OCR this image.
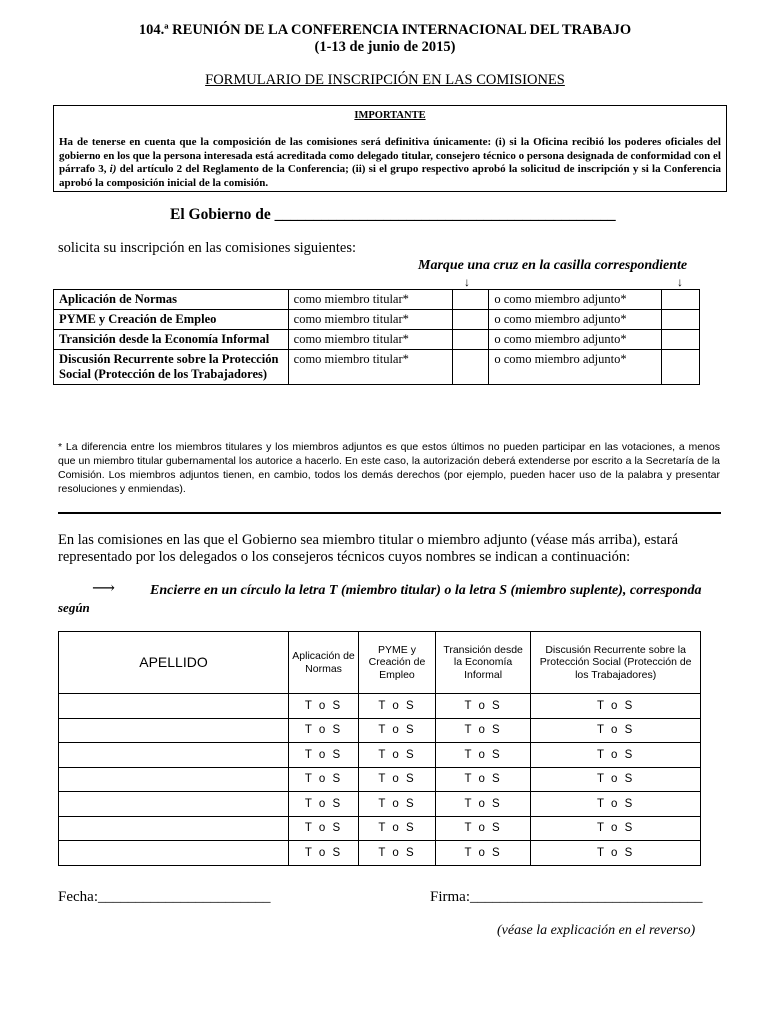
104.ª REUNIÓN DE LA CONFERENCIA INTERNACIONAL DEL TRABAJO
(1-13 de junio de 2015)
FORMULARIO DE INSCRIPCIÓN EN LAS COMISIONES
IMPORTANTE
Ha de tenerse en cuenta que la composición de las comisiones será definitiva únicamente: (i) si la Oficina recibió los poderes oficiales del gobierno en los que la persona interesada está acreditada como delegado titular, consejero técnico o persona designada de conformidad con el párrafo 3, i) del artículo 2 del Reglamento de la Conferencia; (ii) si el grupo respectivo aprobó la solicitud de inscripción y si la Conferencia aprobó la composición inicial de la comisión.
El Gobierno de ____________________________________________
solicita su inscripción en las comisiones siguientes:
Marque una cruz en la casilla correspondiente
↓	↓
Aplicación de Normas	como miembro titular*		o como miembro adjunto*	
PYME y Creación de Empleo	como miembro titular*		o como miembro adjunto*	
Transición desde la Economía Informal	como miembro titular*		o como miembro adjunto*	
Discusión Recurrente sobre la Protección Social (Protección de los Trabajadores)	como miembro titular*		o como miembro adjunto*	
* La diferencia entre los miembros titulares y los miembros adjuntos es que estos últimos no pueden participar en las votaciones, a menos que un miembro titular gubernamental los autorice a hacerlo. En este caso, la autorización deberá extenderse por escrito a la Secretaría de la Comisión. Los miembros adjuntos tienen, en cambio, todos los demás derechos (por ejemplo, pueden hacer uso de la palabra y presentar resoluciones y enmiendas).
En las comisiones en las que el Gobierno sea miembro titular o miembro adjunto (véase más arriba), estará representado por los delegados o los consejeros técnicos cuyos nombres se indican a continuación:
⟶
según
Encierre en un círculo la letra T (miembro titular) o la letra S (miembro suplente), corresponda
APELLIDO	Aplicación de Normas	PYME y Creación de Empleo	Transición desde la Economía Informal	Discusión Recurrente sobre la Protección Social (Protección de los Trabajadores)
	T o S	T o S	T o S	T o S
	T o S	T o S	T o S	T o S
	T o S	T o S	T o S	T o S
	T o S	T o S	T o S	T o S
	T o S	T o S	T o S	T o S
	T o S	T o S	T o S	T o S
	T o S	T o S	T o S	T o S
Fecha:_______________________	Firma:_______________________________
(véase la explicación en el reverso)
